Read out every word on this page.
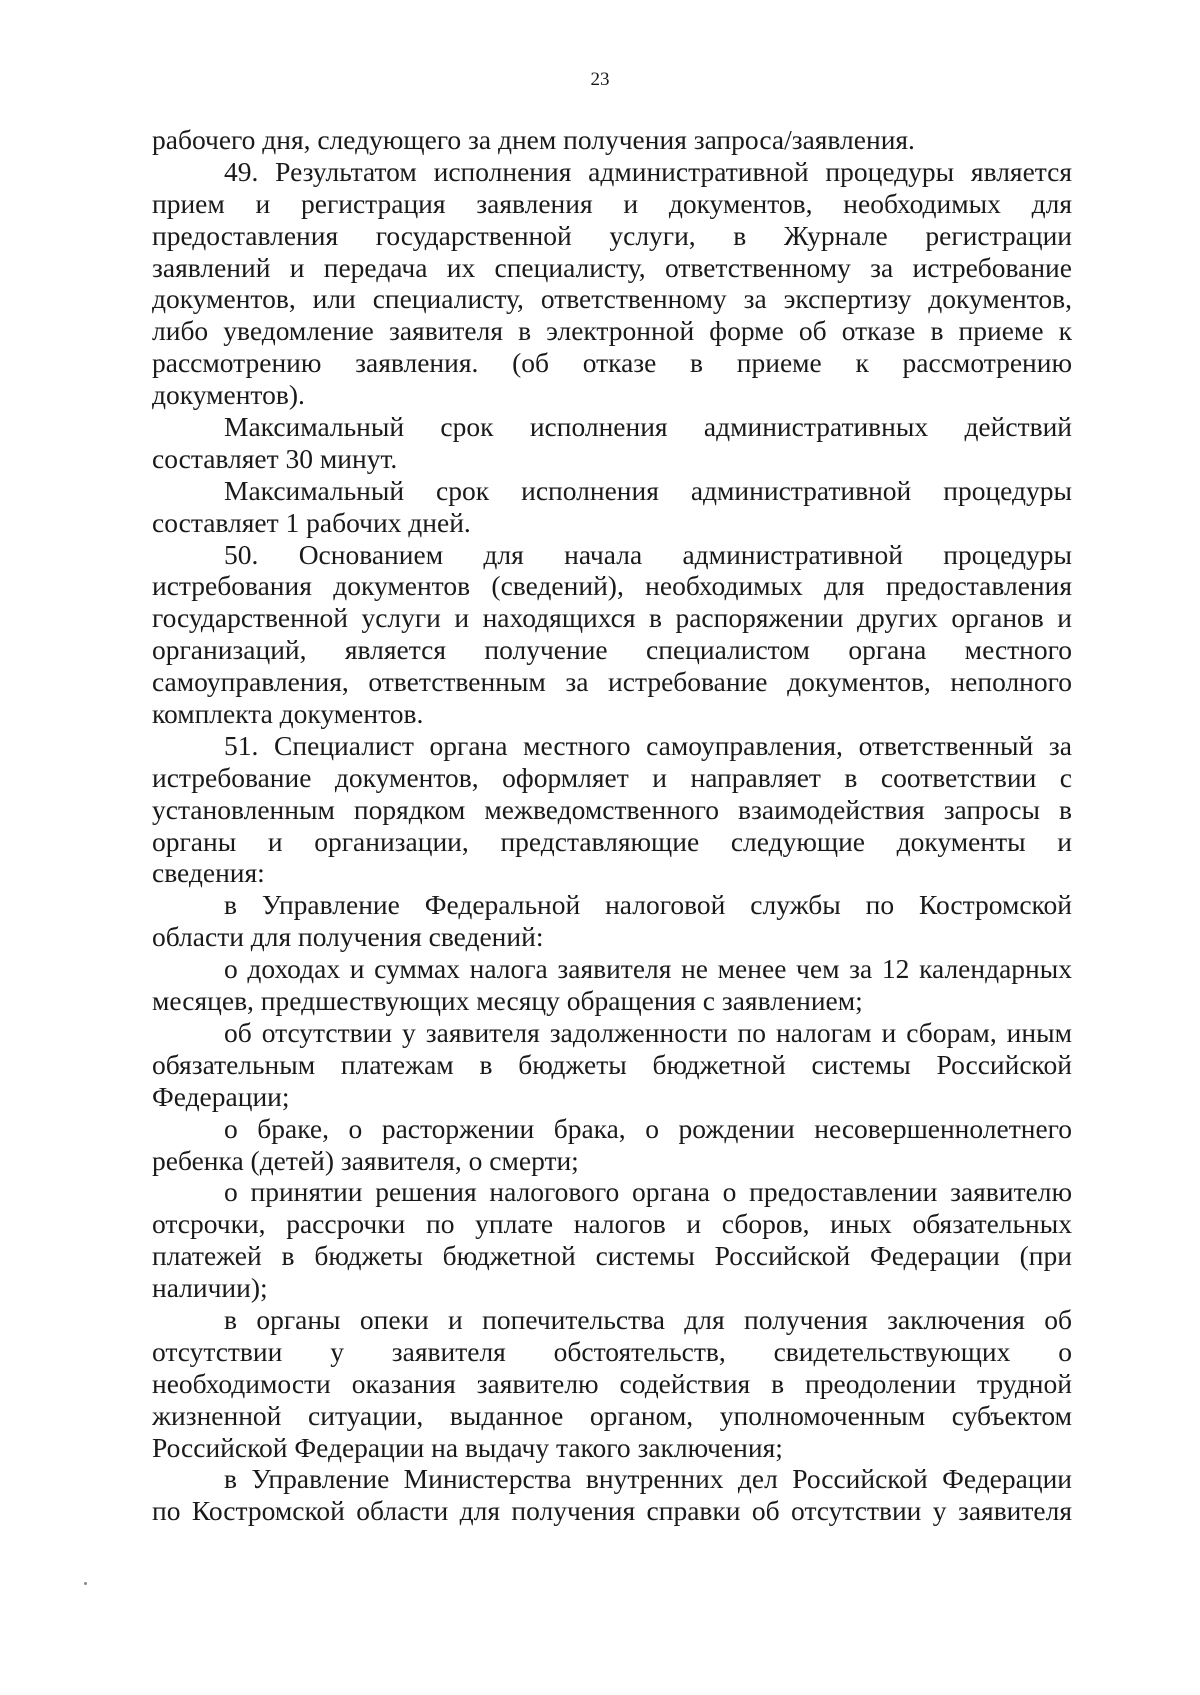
23
рабочего дня, следующего за днем получения запроса/заявления.
49. Результатом исполнения административной процедуры является
прием и регистрация заявления и документов, необходимых для
предоставления государственной услуги, в Журнале регистрации
заявлений и передача их специалисту, ответственному за истребование
документов, или специалисту, ответственному за экспертизу документов,
либо уведомление заявителя в электронной форме об отказе в приеме к
рассмотрению заявления. (об отказе в приеме к рассмотрению
документов).
Максимальный срок исполнения административных действий
составляет 30 минут.
Максимальный срок исполнения административной процедуры
составляет 1 рабочих дней.
50. Основанием для начала административной процедуры
истребования документов (сведений), необходимых для предоставления
государственной услуги и находящихся в распоряжении других органов и
организаций, является получение специалистом органа местного
самоуправления, ответственным за истребование документов, неполного
комплекта документов.
51. Специалист органа местного самоуправления, ответственный за
истребование документов, оформляет и направляет в соответствии с
установленным порядком межведомственного взаимодействия запросы в
органы и организации, представляющие следующие документы и
сведения:
в Управление Федеральной налоговой службы по Костромской
области для получения сведений:
о доходах и суммах налога заявителя не менее чем за 12 календарных
месяцев, предшествующих месяцу обращения с заявлением;
об отсутствии у заявителя задолженности по налогам и сборам, иным
обязательным платежам в бюджеты бюджетной системы Российской
Федерации;
о браке, о расторжении брака, о рождении несовершеннолетнего
ребенка (детей) заявителя, о смерти;
о принятии решения налогового органа о предоставлении заявителю
отсрочки, рассрочки по уплате налогов и сборов, иных обязательных
платежей в бюджеты бюджетной системы Российской Федерации (при
наличии);
в органы опеки и попечительства для получения заключения об
отсутствии у заявителя обстоятельств, свидетельствующих о
необходимости оказания заявителю содействия в преодолении трудной
жизненной ситуации, выданное органом, уполномоченным субъектом
Российской Федерации на выдачу такого заключения;
в Управление Министерства внутренних дел Российской Федерации
по Костромской области для получения справки об отсутствии у заявителя
